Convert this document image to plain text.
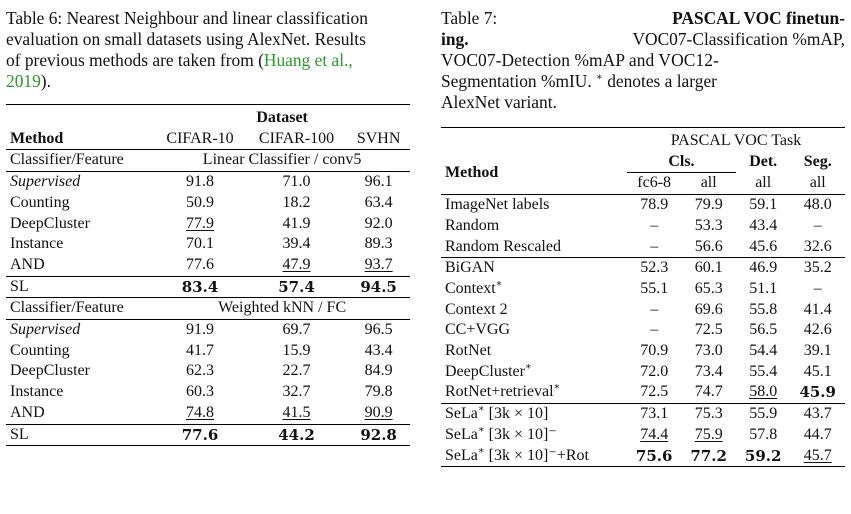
Table 6: Nearest Neighbour and linear classification
evaluation on small datasets using AlexNet. Results
of previous methods are taken from (Huang et al.,
2019).
	Dataset		
Method	CIFAR-10	CIFAR-100	SVHN
Classifier/Feature	Linear Classifier / conv5		
Supervised	91.8	71.0	96.1
Counting	50.9	18.2	63.4
DeepCluster	77.9	41.9	92.0
Instance	70.1	39.4	89.3
AND	77.6	47.9	93.7
SL	83.4	57.4	94.5
Classifier/Feature	Weighted kNN / FC		
Supervised	91.9	69.7	96.5
Counting	41.7	15.9	43.4
DeepCluster	62.3	22.7	84.9
Instance	60.3	32.7	79.8
AND	74.8	41.5	90.9
SL	77.6	44.2	92.8
Table 7:	PASCAL VOC finetun-
ing.	VOC07-Classification %mAP,
VOC07-Detection %mAP and VOC12-
Segmentation %mIU. ∗ denotes a larger
AlexNet variant.
	PASCAL VOC Task			
Method	Cls.		Det.	Seg.
	fc6-8	all	all	all
ImageNet labels	78.9	79.9	59.1	48.0
Random	–	53.3	43.4	–
Random Rescaled	–	56.6	45.6	32.6
BiGAN	52.3	60.1	46.9	35.2
Context∗	55.1	65.3	51.1	–
Context 2	–	69.6	55.8	41.4
CC+VGG	–	72.5	56.5	42.6
RotNet	70.9	73.0	54.4	39.1
DeepCluster∗	72.0	73.4	55.4	45.1
RotNet+retrieval∗	72.5	74.7	58.0	45.9
SeLa∗ [3k × 10]	73.1	75.3	55.9	43.7
SeLa∗ [3k × 10]⁻	74.4	75.9	57.8	44.7
SeLa∗ [3k × 10]⁻+Rot	75.6	77.2	59.2	45.7
